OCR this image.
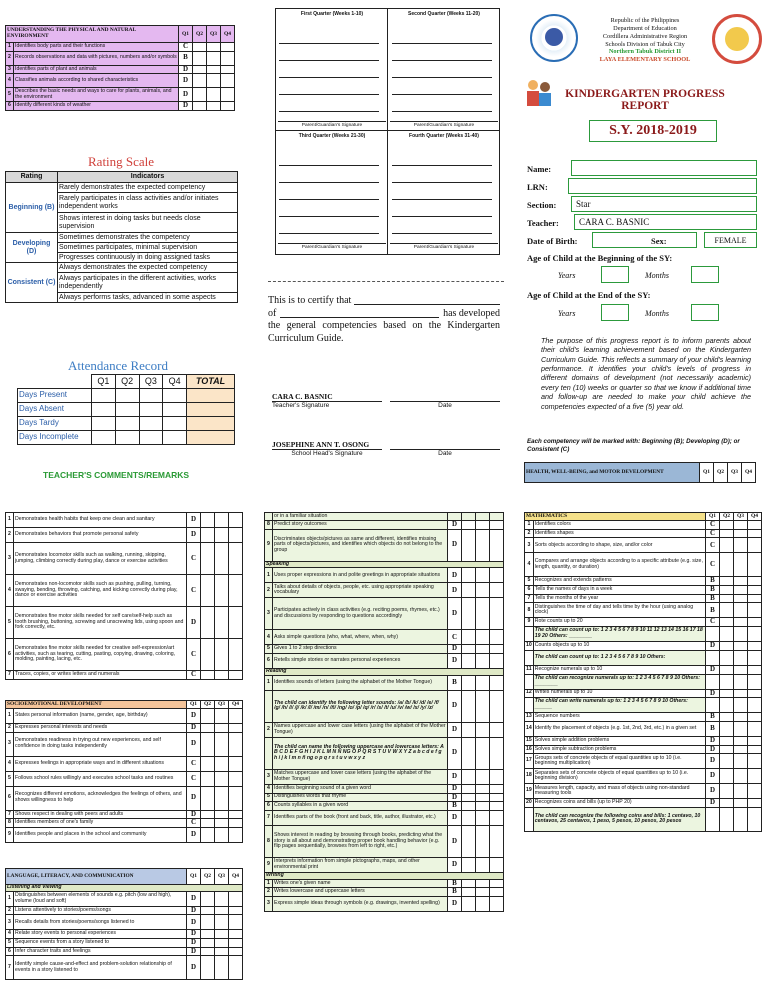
UNDERSTANDING THE PHYSICAL AND NATURAL ENVIRONMENT		Q1	Q2	Q3	Q4
1	Identifies body parts and their functions	C			
2	Records observations and data with pictures, numbers and/or symbols	B			
3	Identifies parts of plant and animals	D			
4	Classifies animals according to shared characteristics	D			
5	Describes the basic needs and ways to care for plants, animals, and the environment	D			
6	Identify different kinds of weather	D			
Rating Scale
Rating	Indicators
Beginning (B)	Rarely demonstrates the expected competency
	Rarely participates in class activities and/or initiates independent works
	Shows interest in doing tasks but needs close supervision
Developing (D)	Sometimes demonstrates the competency
	Sometimes participates, minimal supervision
	Progresses continuously in doing assigned tasks
Consistent (C)	Always demonstrates the expected competency
	Always participates in the different activities, works independently
	Always performs tasks, advanced in some aspects
Attendance Record
	Q1	Q2	Q3	Q4	TOTAL
Days Present					
Days Absent					
Days Tardy					
Days Incomplete					
TEACHER'S COMMENTS/REMARKS
First Quarter (Weeks 1-10)	Second Quarter (Weeks 11-20)
Third Quarter (Weeks 21-30)	Fourth Quarter (Weeks 31-40)
Parent/Guardian's Signature	Parent/Guardian's Signature
Parent/Guardian's Signature	Parent/Guardian's Signature
This is to certify that
of	has developed
the general competencies based on the Kindergarten Curriculum Guide.
CARA C. BASNIC
Teacher's Signature	Date
JOSEPHINE ANN T. OSONG
School Head's Signature	Date
Republic of the Philippines
Department of Education
Cordillera Administrative Region
Schools Division of Tabuk City
Northern Tabuk District II
LAYA ELEMENTARY SCHOOL
KINDERGARTEN PROGRESS REPORT
S.Y. 2018-2019
Name:
LRN:
Section:	Star
Teacher:	CARA C. BASNIC
Date of Birth:	Sex:	FEMALE
Age of Child at the Beginning of the SY:
Years	Months
Age of Child at the End of the SY:
Years	Months
The purpose of this progress report is to inform parents about their child's learning achievement based on the Kindergarten Curriculum Guide. This reflects a summary of your child's learning performance. It identifies your child's levels of progress in different domains of development (not necessarily academic) every ten (10) weeks or quarter so that we know if additional time and follow-up are needed to make your child achieve the competencies expected of a five (5) year old.
Each competency will be marked with: Beginning (B); Developing (D); or Consistent (C)
HEALTH, WELL-BEING, and MOTOR DEVELOPMENT	Q1	Q2	Q3	Q4
1	Demonstrates health habits that keep one clean and sanitary	D			
2	Demonstrates behaviors that promote personal safety	D			
3	Demonstrates locomotor skills such as walking, running, skipping, jumping, climbing correctly during play, dance or exercise activities	C			
4	Demonstrates non-locomotor skills such as pushing, pulling, turning, swaying, bending, throwing, catching, and kicking correctly during play, dance or exercise activities	C			
5	Demonstrates fine motor skills needed for self care/self-help such as tooth brushing, buttoning, screwing and unscrewing lids, using spoon and fork correctly, etc.	D			
6	Demonstrates fine motor skills needed for creative self-expression/art activities, such as tearing, cutting, pasting, copying, drawing, coloring, molding, painting, lacing, etc.	C			
7	Traces, copies, or writes letters and numerals	C			
SOCIOEMOTIONAL DEVELOPMENT		Q1	Q2	Q3	Q4
1	States personal information (name, gender, age, birthday)	D			
2	Expresses personal interests and needs	D			
3	Demonstrates readiness in trying out new experiences, and self confidence in doing tasks independently	D			
4	Expresses feelings in appropriate ways and in different situations	C			
5	Follows school rules willingly and executes school tasks and routines	C			
6	Recognizes different emotions, acknowledges the feelings of others, and shows willingness to help	D			
7	Shows respect in dealing with peers and adults	D			
8	Identifies members of one's family	C			
9	Identifies people and places in the school and community	D			
LANGUAGE, LITERACY, AND COMMUNICATION		Q1	Q2	Q3	Q4
Listening and Viewing					
1	Distinguishes between elements of sounds e.g. pitch (low and high), volume (loud and soft)	D			
2	Listens attentively to stories/poems/songs	D			
3	Recalls details from stories/poems/songs listened to	D			
4	Relate story events to personal experiences	D			
5	Sequence events from a story listened to	D			
6	Infer character traits and feelings	D			
7	Identify simple cause-and-effect and problem-solution relationship of events in a story listened to	D			
	or in a familiar situation				
8	Predict story outcomes	D			
9	Discriminates objects/pictures as same and different, identifies missing parts of objects/pictures, and identifies which objects do not belong to the group	D			
Speaking					
1	Uses proper expressions in and polite greetings in appropriate situations	D			
2	Talks about details of objects, people, etc. using appropriate speaking vocabulary	D			
3	Participates actively in class activities (e.g. reciting poems, rhymes, etc.) and discussions by responding to questions accordingly	D			
4	Asks simple questions (who, what, where, when, why)	C			
5	Gives 1 to 2 step directions	D			
6	Retells simple stories or narrates personal experiences	D			
Reading					
1	Identifies sounds of letters (using the alphabet of the Mother Tongue)	B			
	The child can identify the following letter sounds: /a/ /b/ /k/ /d/ /e/ /f/ /g/ /h/ /i/ /j/ /k/ /l/ /m/ /n/ /ñ/ /ng/ /o/ /p/ /q/ /r/ /s/ /t/ /u/ /v/ /w/ /x/ /y/ /z/	D			
2	Names uppercase and lower case letters (using the alphabet of the Mother Tongue)	D			
	The child can name the following uppercase and lowercase letters: A B C D E F G H I J K L M N Ñ NG O P Q R S T U V W X Y Z a b c d e f g h i j k l m n ñ ng o p q r s t u v w x y z	D			
3	Matches uppercase and lower case letters (using the alphabet of the Mother Tongue)	D			
4	Identifies beginning sound of a given word	D			
5	Distinguishes words that rhyme	D			
6	Counts syllables in a given word	B			
7	Identifies parts of the book (front and back, title, author, illustrator, etc.)	D			
8	Shows interest in reading by browsing through books, predicting what the story is all about and demonstrating proper book handling behavior (e.g. flip pages sequentially, browses from left to right, etc.)	D			
9	Interprets information from simple pictographs, maps, and other environmental print	D			
Writing					
1	Writes one's given name	B			
2	Writes lowercase and uppercase letters	B			
3	Express simple ideas through symbols (e.g. drawings, invented spelling)	D			
MATHEMATICS		Q1	Q2	Q3	Q4
1	Identifies colors	C			
2	Identifies shapes	C			
3	Sorts objects according to shape, size, and/or color	C			
4	Compares and arrange objects according to a specific attribute (e.g. size, length, quantity, or duration)	C			
5	Recognizes and extends patterns	B			
6	Tells the names of days in a week	B			
7	Tells the months of the year	B			
8	Distinguishes the time of day and tells time by the hour (using analog clock)	B			
9	Rote counts up to 20	C			
	The child can count up to: 1 2 3 4 5 6 7 8 9 10 11 12 13 14 15 16 17 18 19 20 Others: ________				
10	Counts objects up to 10	D			
	The child can count up to: 1 2 3 4 5 6 7 8 9 10 Others:				
11	Recognize numerals up to 10	D			
	The child can recognize numerals up to: 1 2 3 4 5 6 7 8 9 10 Others: ________				
12	Writes numerals up to 10	D			
	The child can write numerals up to: 1 2 3 4 5 6 7 8 9 10 Others: ______				
13	Sequence numbers	B			
14	Identify the placement of objects (e.g. 1st, 2nd, 3rd, etc.) in a given set	B			
15	Solves simple addition problems	D			
16	Solves simple subtraction problems	D			
17	Groups sets of concrete objects of equal quantities up to 10 (i.e. beginning multiplication)	D			
18	Separates sets of concrete objects of equal quantities up to 10 (i.e. beginning division)	D			
19	Measures length, capacity, and mass of objects using non-standard measuring tools	D			
20	Recognizes coins and bills (up to PHP 20)	D			
	The child can recognize the following coins and bills: 1 centavo, 10 centavos, 25 centavos, 1 peso, 5 pesos, 10 pesos, 20 pesos				
